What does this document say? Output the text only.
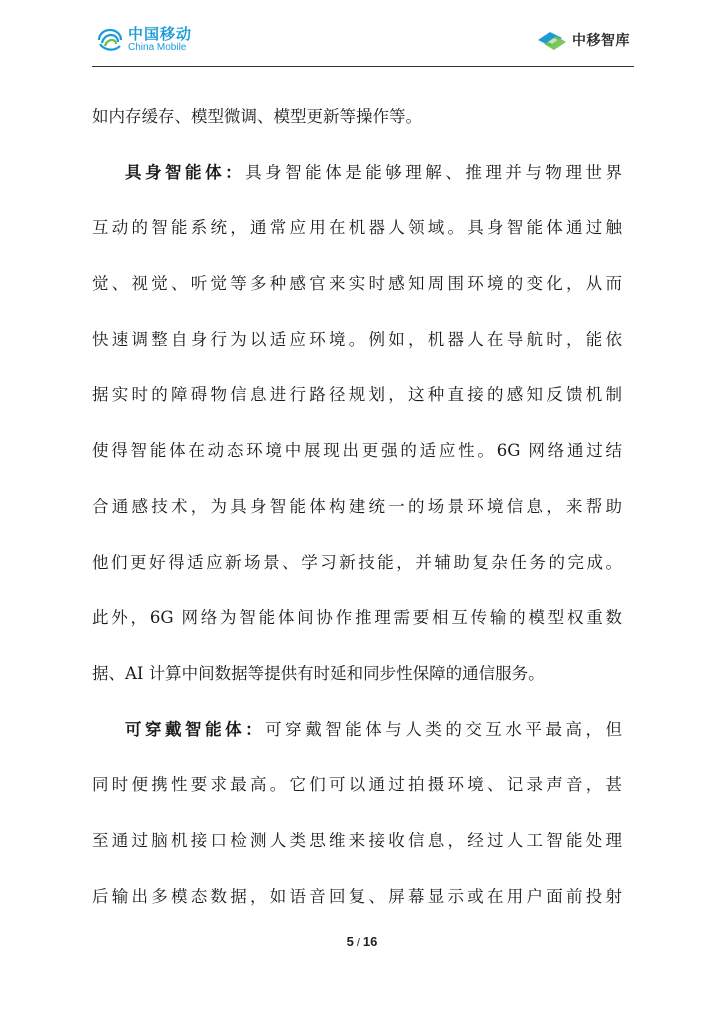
中国移动
China Mobile	中移智库
如内存缓存、模型微调、模型更新等操作等。
具身智能体：具身智能体是能够理解、推理并与物理世界
互动的智能系统，通常应用在机器人领域。具身智能体通过触
觉、视觉、听觉等多种感官来实时感知周围环境的变化，从而
快速调整自身行为以适应环境。例如，机器人在导航时，能依
据实时的障碍物信息进行路径规划，这种直接的感知反馈机制
使得智能体在动态环境中展现出更强的适应性。6G 网络通过结
合通感技术，为具身智能体构建统一的场景环境信息，来帮助
他们更好得适应新场景、学习新技能，并辅助复杂任务的完成。
此外，6G 网络为智能体间协作推理需要相互传输的模型权重数
据、AI 计算中间数据等提供有时延和同步性保障的通信服务。
可穿戴智能体：可穿戴智能体与人类的交互水平最高，但
同时便携性要求最高。它们可以通过拍摄环境、记录声音，甚
至通过脑机接口检测人类思维来接收信息，经过人工智能处理
后输出多模态数据，如语音回复、屏幕显示或在用户面前投射
5 / 16
